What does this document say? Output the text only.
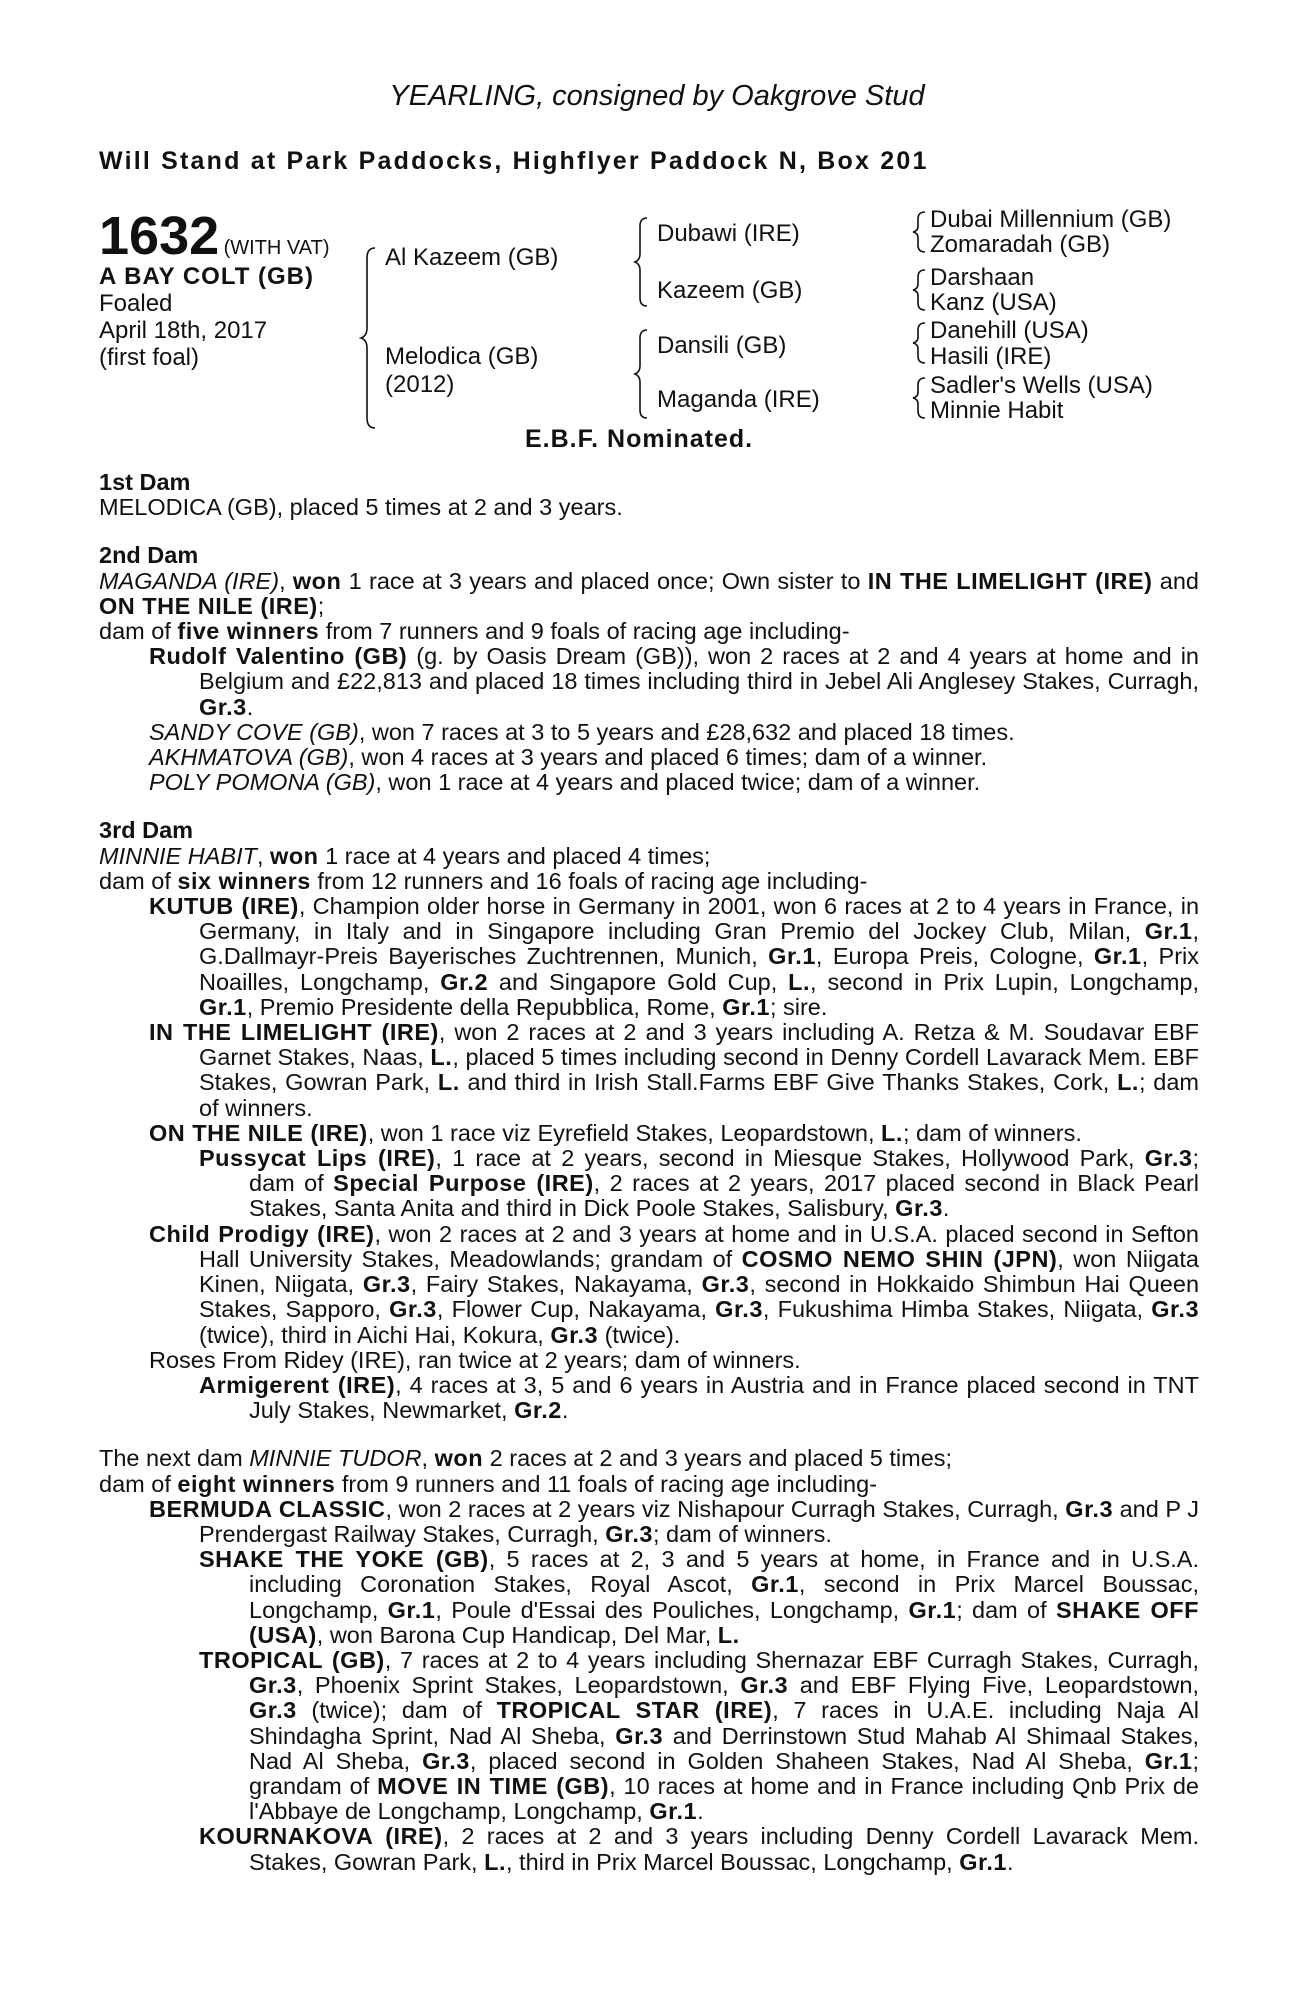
YEARLING, consigned by Oakgrove Stud
Will Stand at Park Paddocks, Highflyer Paddock N, Box 201
1632 (WITH VAT)
A BAY COLT (GB)
Foaled
April 18th, 2017
(first foal)
Al Kazeem (GB)
Melodica (GB)
(2012)
Dubawi (IRE)
Kazeem (GB)
Dansili (GB)
Maganda (IRE)
Dubai Millennium (GB)
Zomaradah (GB)
Darshaan
Kanz (USA)
Danehill (USA)
Hasili (IRE)
Sadler's Wells (USA)
Minnie Habit
E.B.F. Nominated.
1st Dam

MELODICA (GB), placed 5 times at 2 and 3 years.

2nd Dam

MAGANDA (IRE), won 1 race at 3 years and placed once; Own sister to IN THE LIMELIGHT (IRE) and ON THE NILE (IRE);

dam of five winners from 7 runners and 9 foals of racing age including-

Rudolf Valentino (GB) (g. by Oasis Dream (GB)), won 2 races at 2 and 4 years at home and in Belgium and £22,813 and placed 18 times including third in Jebel Ali Anglesey Stakes, Curragh, Gr.3.

SANDY COVE (GB), won 7 races at 3 to 5 years and £28,632 and placed 18 times.

AKHMATOVA (GB), won 4 races at 3 years and placed 6 times; dam of a winner.

POLY POMONA (GB), won 1 race at 4 years and placed twice; dam of a winner.

3rd Dam

MINNIE HABIT, won 1 race at 4 years and placed 4 times;

dam of six winners from 12 runners and 16 foals of racing age including-

KUTUB (IRE), Champion older horse in Germany in 2001, won 6 races at 2 to 4 years in France, in Germany, in Italy and in Singapore including Gran Premio del Jockey Club, Milan, Gr.1, G.Dallmayr-Preis Bayerisches Zuchtrennen, Munich, Gr.1, Europa Preis, Cologne, Gr.1, Prix Noailles, Longchamp, Gr.2 and Singapore Gold Cup, L., second in Prix Lupin, Longchamp, Gr.1, Premio Presidente della Repubblica, Rome, Gr.1; sire.

IN THE LIMELIGHT (IRE), won 2 races at 2 and 3 years including A. Retza & M. Soudavar EBF Garnet Stakes, Naas, L., placed 5 times including second in Denny Cordell Lavarack Mem. EBF Stakes, Gowran Park, L. and third in Irish Stall.Farms EBF Give Thanks Stakes, Cork, L.; dam of winners.

ON THE NILE (IRE), won 1 race viz Eyrefield Stakes, Leopardstown, L.; dam of winners.

Pussycat Lips (IRE), 1 race at 2 years, second in Miesque Stakes, Hollywood Park, Gr.3; dam of Special Purpose (IRE), 2 races at 2 years, 2017 placed second in Black Pearl Stakes, Santa Anita and third in Dick Poole Stakes, Salisbury, Gr.3.

Child Prodigy (IRE), won 2 races at 2 and 3 years at home and in U.S.A. placed second in Sefton Hall University Stakes, Meadowlands; grandam of COSMO NEMO SHIN (JPN), won Niigata Kinen, Niigata, Gr.3, Fairy Stakes, Nakayama, Gr.3, second in Hokkaido Shimbun Hai Queen Stakes, Sapporo, Gr.3, Flower Cup, Nakayama, Gr.3, Fukushima Himba Stakes, Niigata, Gr.3 (twice), third in Aichi Hai, Kokura, Gr.3 (twice).

Roses From Ridey (IRE), ran twice at 2 years; dam of winners.

Armigerent (IRE), 4 races at 3, 5 and 6 years in Austria and in France placed second in TNT July Stakes, Newmarket, Gr.2.

The next dam MINNIE TUDOR, won 2 races at 2 and 3 years and placed 5 times;

dam of eight winners from 9 runners and 11 foals of racing age including-

BERMUDA CLASSIC, won 2 races at 2 years viz Nishapour Curragh Stakes, Curragh, Gr.3 and P J Prendergast Railway Stakes, Curragh, Gr.3; dam of winners.

SHAKE THE YOKE (GB), 5 races at 2, 3 and 5 years at home, in France and in U.S.A. including Coronation Stakes, Royal Ascot, Gr.1, second in Prix Marcel Boussac, Longchamp, Gr.1, Poule d'Essai des Pouliches, Longchamp, Gr.1; dam of SHAKE OFF (USA), won Barona Cup Handicap, Del Mar, L.

TROPICAL (GB), 7 races at 2 to 4 years including Shernazar EBF Curragh Stakes, Curragh, Gr.3, Phoenix Sprint Stakes, Leopardstown, Gr.3 and EBF Flying Five, Leopardstown, Gr.3 (twice); dam of TROPICAL STAR (IRE), 7 races in U.A.E. including Naja Al Shindagha Sprint, Nad Al Sheba, Gr.3 and Derrinstown Stud Mahab Al Shimaal Stakes, Nad Al Sheba, Gr.3, placed second in Golden Shaheen Stakes, Nad Al Sheba, Gr.1; grandam of MOVE IN TIME (GB), 10 races at home and in France including Qnb Prix de l'Abbaye de Longchamp, Longchamp, Gr.1.

KOURNAKOVA (IRE), 2 races at 2 and 3 years including Denny Cordell Lavarack Mem. Stakes, Gowran Park, L., third in Prix Marcel Boussac, Longchamp, Gr.1.
